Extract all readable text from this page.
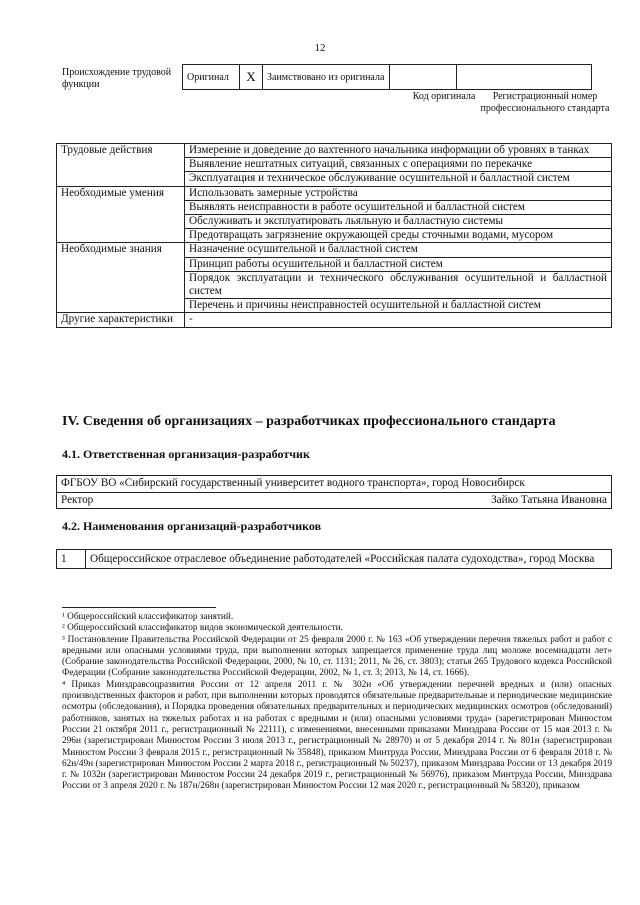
12
Происхождение трудовой функции
Оригинал	X	Заимствовано из оригинала		
Код оригинала	Регистрационный номер профессионального стандарта
Трудовые действия	Измерение и доведение до вахтенного начальника информации об уровнях в танках
	Выявление нештатных ситуаций, связанных с операциями по перекачке
	Эксплуатация и техническое обслуживание осушительной и балластной систем
Необходимые умения	Использовать замерные устройства
	Выявлять неисправности в работе осушительной и балластной систем
	Обслуживать и эксплуатировать льяльную и балластную системы
	Предотвращать загрязнение окружающей среды сточными водами, мусором
Необходимые знания	Назначение осушительной и балластной систем
	Принцип работы осушительной и балластной систем
	Порядок эксплуатации и технического обслуживания осушительной и балластной систем
	Перечень и причины неисправностей осушительной и балластной систем
Другие характеристики	-
IV. Сведения об организациях – разработчиках профессионального стандарта
4.1. Ответственная организация-разработчик
ФГБОУ ВО «Сибирский государственный университет водного транспорта», город Новосибирск
Ректор	Зайко Татьяна Ивановна
4.2. Наименования организаций-разработчиков
1	Общероссийское отраслевое объединение работодателей «Российская палата судоходства», город Москва

¹ Общероссийский классификатор занятий.

² Общероссийский классификатор видов экономической деятельности.

³ Постановление Правительства Российской Федерации от 25 февраля 2000 г. № 163 «Об утверждении перечня тяжелых работ и работ с вредными или опасными условиями труда, при выполнении которых запрещается применение труда лиц моложе восемнадцати лет» (Собрание законодательства Российской Федерации, 2000, № 10, ст. 1131; 2011, № 26, ст. 3803); статья 265 Трудового кодекса Российской Федерации (Собрание законодательства Российской Федерации, 2002, № 1, ст. 3; 2013, № 14, ст. 1666).

⁴ Приказ Минздравсоцразвития России от 12 апреля 2011 г. № 302н «Об утверждении перечней вредных и (или) опасных производственных факторов и работ, при выполнении которых проводятся обязательные предварительные и периодические медицинские осмотры (обследования), и Порядка проведения обязательных предварительных и периодических медицинских осмотров (обследований) работников, занятых на тяжелых работах и на работах с вредными и (или) опасными условиями труда» (зарегистрирован Минюстом России 21 октября 2011 г., регистрационный № 22111), с изменениями, внесенными приказами Минздрава России от 15 мая 2013 г. № 296н (зарегистрирован Минюстом России 3 июля 2013 г., регистрационный № 28970) и от 5 декабря 2014 г. № 801н (зарегистрирован Минюстом России 3 февраля 2015 г., регистрационный № 35848), приказом Минтруда России, Минздрава России от 6 февраля 2018 г. № 62н/49н (зарегистрирован Минюстом России 2 марта 2018 г., регистрационный № 50237), приказом Минздрава России от 13 декабря 2019 г. № 1032н (зарегистрирован Минюстом России 24 декабря 2019 г., регистрационный № 56976), приказом Минтруда России, Минздрава России от 3 апреля 2020 г. № 187н/268н (зарегистрирован Минюстом России 12 мая 2020 г., регистрационный № 58320), приказом
